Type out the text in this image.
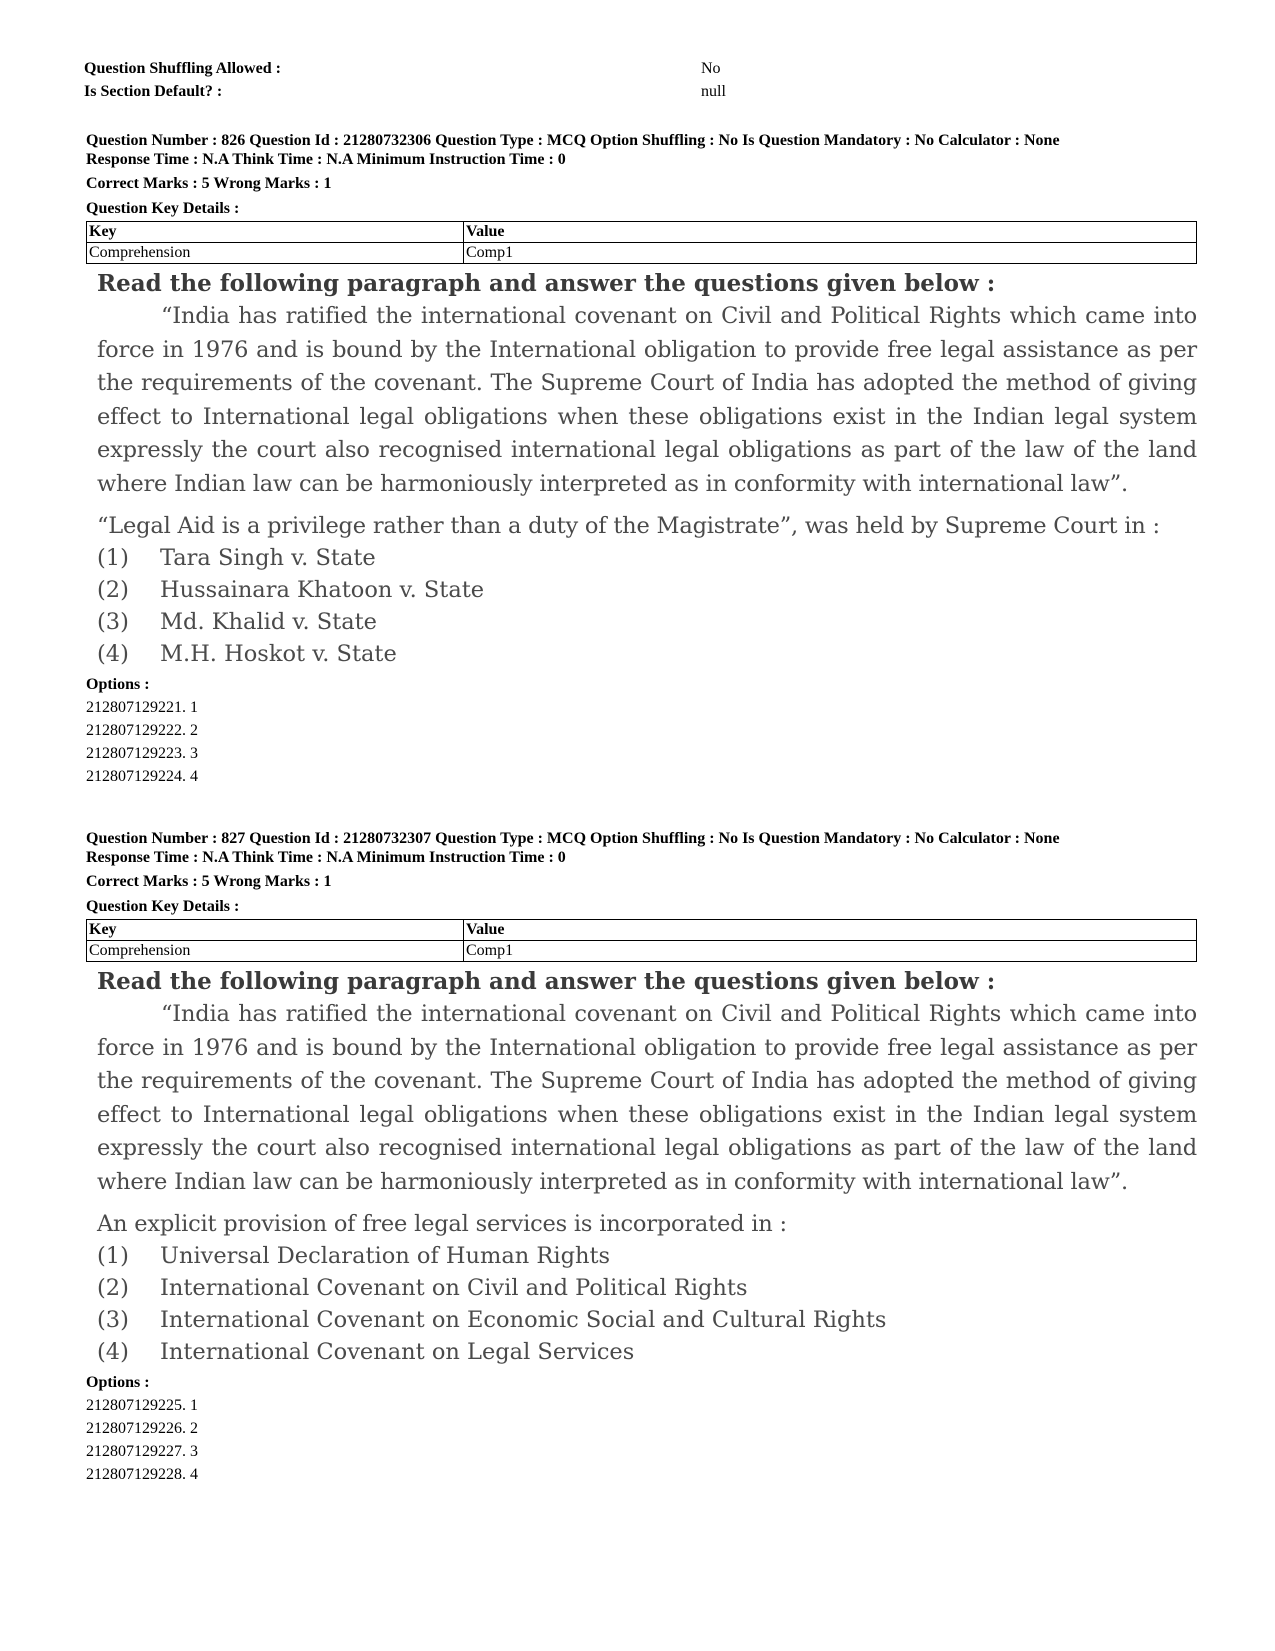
Question Shuffling Allowed :	No
Is Section Default? :	null
Question Number : 826 Question Id : 21280732306 Question Type : MCQ Option Shuffling : No Is Question Mandatory : No Calculator : None
Response Time : N.A Think Time : N.A Minimum Instruction Time : 0
Correct Marks : 5 Wrong Marks : 1
Question Key Details :
Key	Value
Comprehension	Comp1
Read the following paragraph and answer the questions given below :
“India has ratified the international covenant on Civil and Political Rights which came into force in 1976 and is bound by the International obligation to provide free legal assistance as per the requirements of the covenant. The Supreme Court of India has adopted the method of giving effect to International legal obligations when these obligations exist in the Indian legal system expressly the court also recognised international legal obligations as part of the law of the land where Indian law can be harmoniously interpreted as in conformity with international law”.
“Legal Aid is a privilege rather than a duty of the Magistrate”, was held by Supreme Court in :
(1)	Tara Singh v. State
(2)	Hussainara Khatoon v. State
(3)	Md. Khalid v. State
(4)	M.H. Hoskot v. State
Options :
212807129221. 1
212807129222. 2
212807129223. 3
212807129224. 4
Question Number : 827 Question Id : 21280732307 Question Type : MCQ Option Shuffling : No Is Question Mandatory : No Calculator : None
Response Time : N.A Think Time : N.A Minimum Instruction Time : 0
Correct Marks : 5 Wrong Marks : 1
Question Key Details :
Key	Value
Comprehension	Comp1
Read the following paragraph and answer the questions given below :
“India has ratified the international covenant on Civil and Political Rights which came into force in 1976 and is bound by the International obligation to provide free legal assistance as per the requirements of the covenant. The Supreme Court of India has adopted the method of giving effect to International legal obligations when these obligations exist in the Indian legal system expressly the court also recognised international legal obligations as part of the law of the land where Indian law can be harmoniously interpreted as in conformity with international law”.
An explicit provision of free legal services is incorporated in :
(1)	Universal Declaration of Human Rights
(2)	International Covenant on Civil and Political Rights
(3)	International Covenant on Economic Social and Cultural Rights
(4)	International Covenant on Legal Services
Options :
212807129225. 1
212807129226. 2
212807129227. 3
212807129228. 4
